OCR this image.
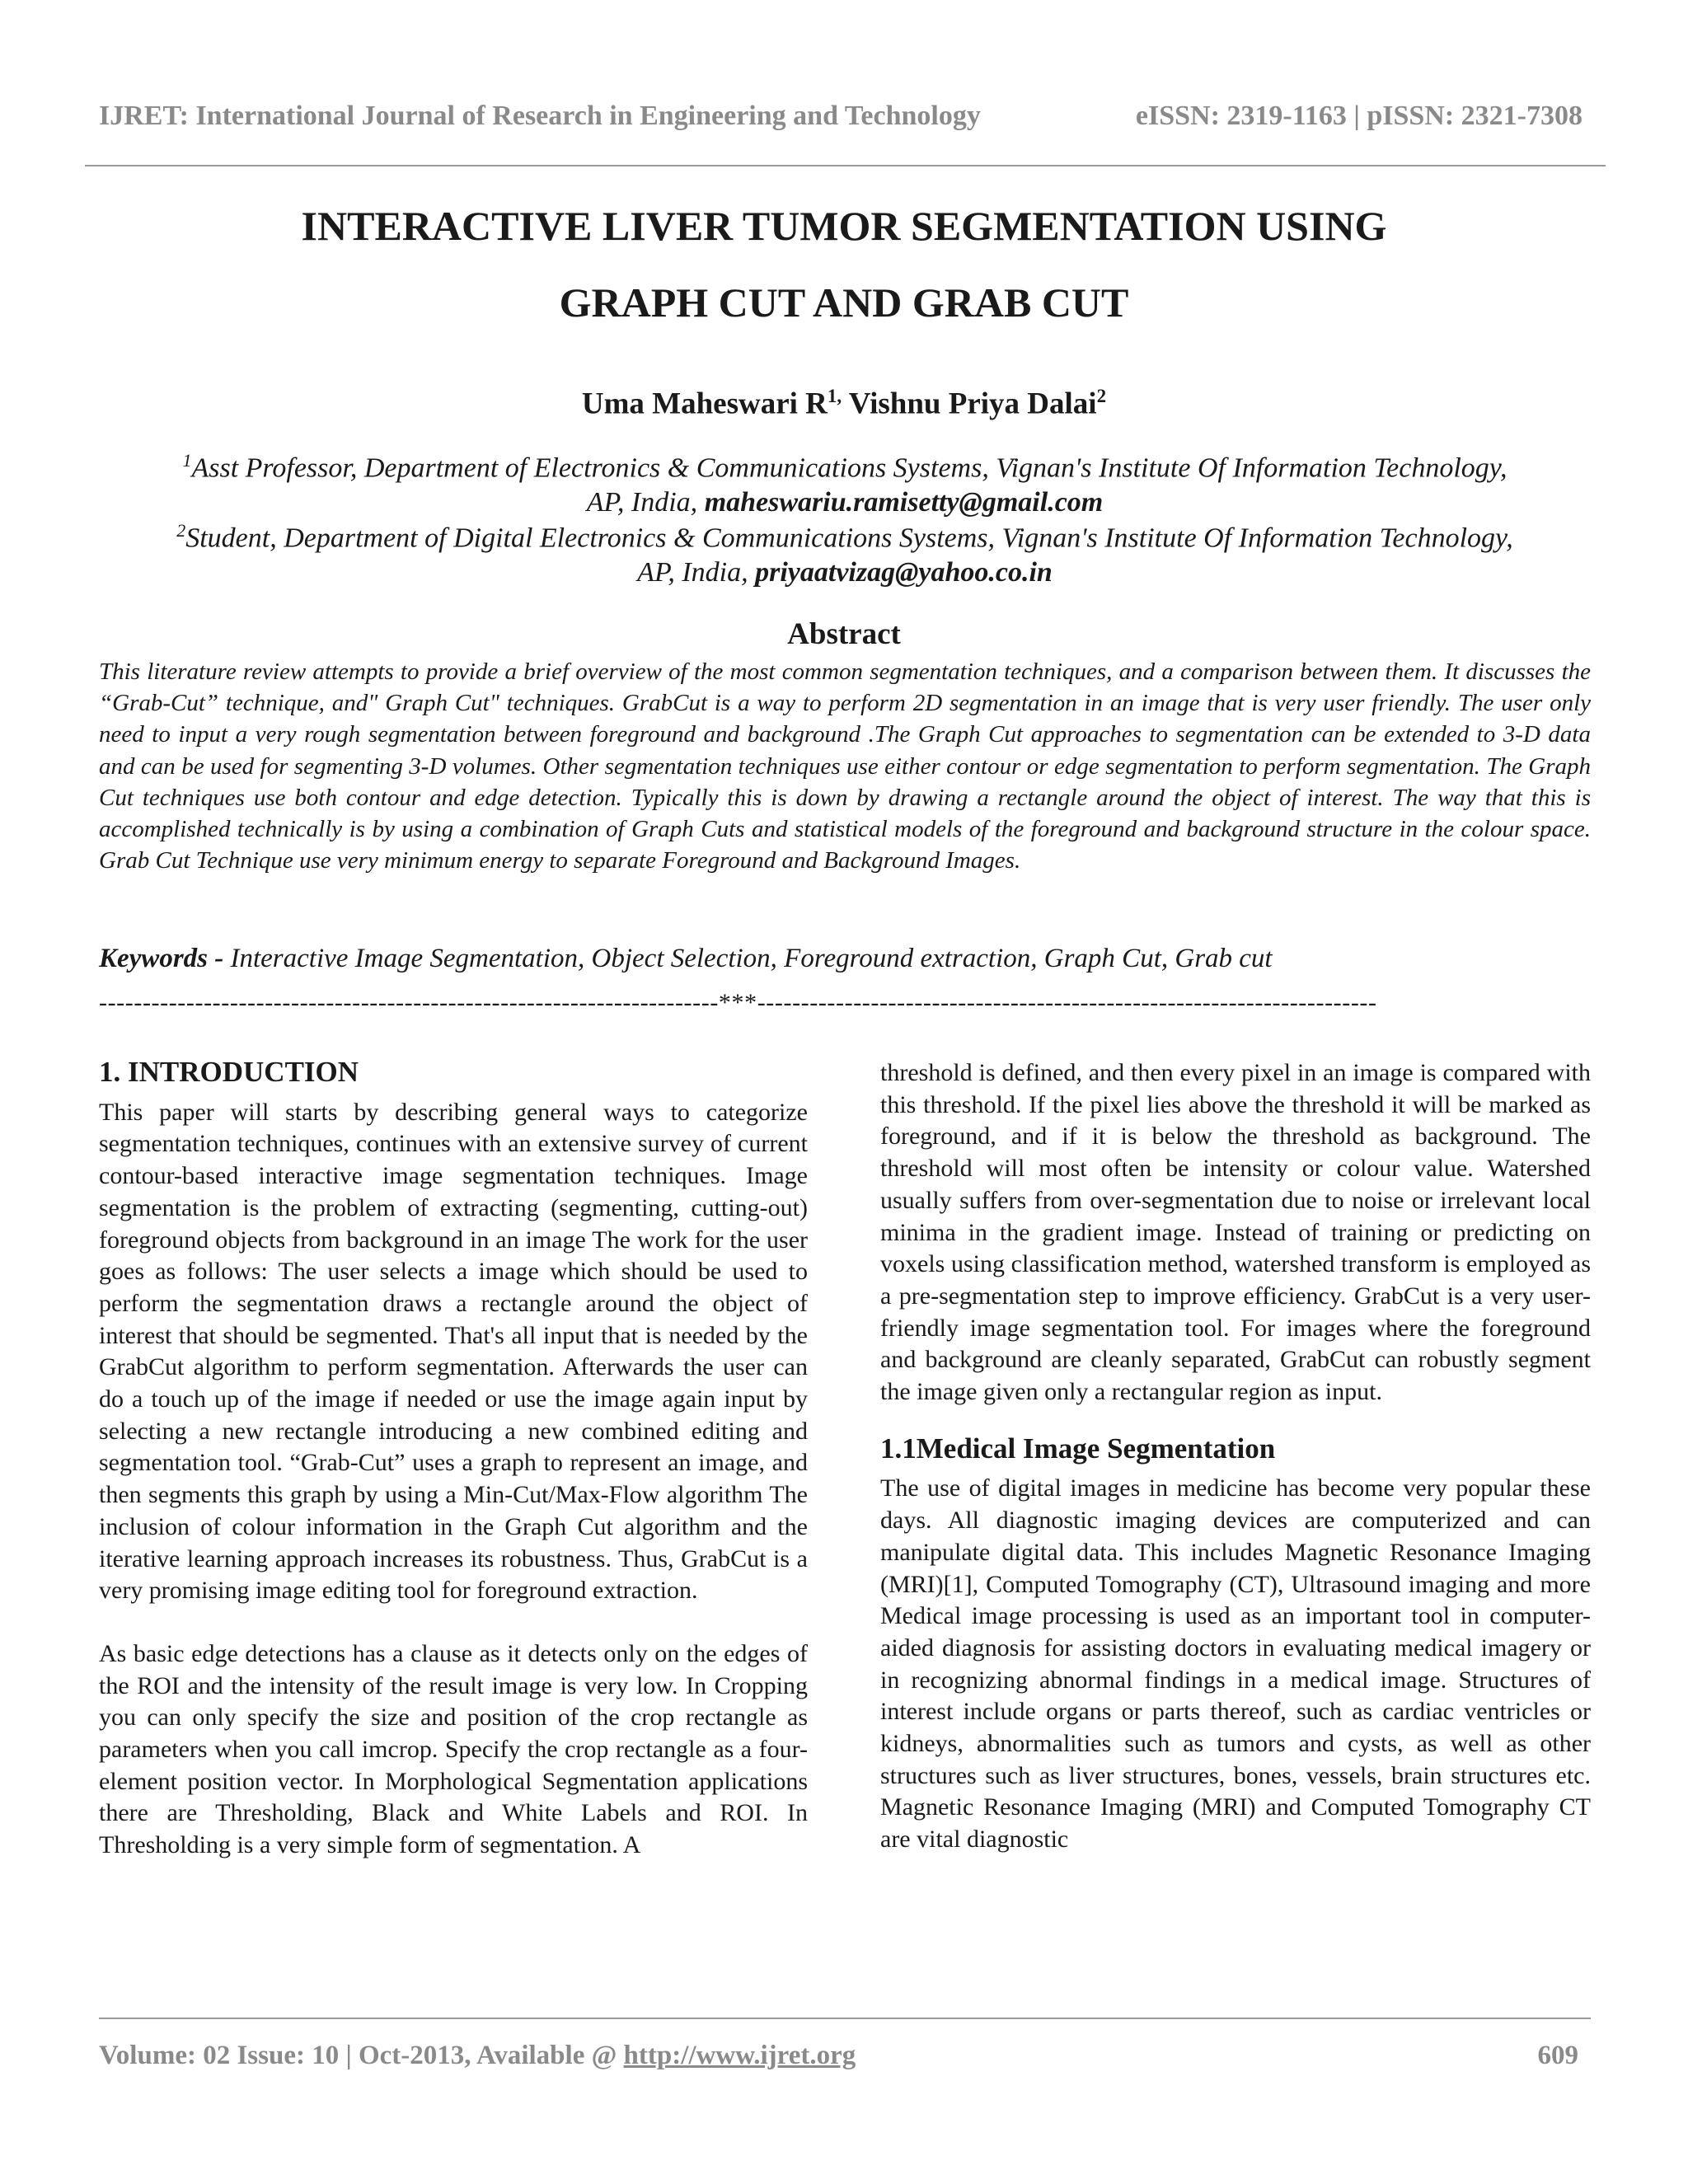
IJRET: International Journal of Research in Engineering and Technology	eISSN: 2319-1163 | pISSN: 2321-7308
INTERACTIVE LIVER TUMOR SEGMENTATION USING
GRAPH CUT AND GRAB CUT
Uma Maheswari $R^{1,}$ Vishnu Priya Dalai$^2$
$^1$Asst Professor, Department of Electronics & Communications Systems, Vignan's Institute Of Information Technology,
AP, India, maheswariu.ramisetty@gmail.com
$^2$Student, Department of Digital Electronics & Communications Systems, Vignan's Institute Of Information Technology,
AP, India, priyaatvizag@yahoo.co.in
Abstract
This literature review attempts to provide a brief overview of the most common segmentation techniques, and a comparison between them. It discusses the “Grab-Cut” technique, and" Graph Cut" techniques. GrabCut is a way to perform 2D segmentation in an image that is very user friendly. The user only need to input a very rough segmentation between foreground and background .The Graph Cut approaches to segmentation can be extended to 3-D data and can be used for segmenting 3-D volumes. Other segmentation techniques use either contour or edge segmentation to perform segmentation. The Graph Cut techniques use both contour and edge detection. Typically this is down by drawing a rectangle around the object of interest. The way that this is accomplished technically is by using a combination of Graph Cuts and statistical models of the foreground and background structure in the colour space. Grab Cut Technique use very minimum energy to separate Foreground and Background Images.
Keywords - Interactive Image Segmentation, Object Selection, Foreground extraction, Graph Cut, Grab cut
-----------------------------------------------------------------------***-----------------------------------------------------------------------
1. INTRODUCTION

This paper will starts by describing general ways to categorize segmentation techniques, continues with an extensive survey of current contour-based interactive image segmentation techniques. Image segmentation is the problem of extracting (segmenting, cutting-out) foreground objects from background in an image The work for the user goes as follows: The user selects a image which should be used to perform the segmentation draws a rectangle around the object of interest that should be segmented. That's all input that is needed by the GrabCut algorithm to perform segmentation. Afterwards the user can do a touch up of the image if needed or use the image again input by selecting a new rectangle introducing a new combined editing and segmentation tool. “Grab-Cut” uses a graph to represent an image, and then segments this graph by using a Min-Cut/Max-Flow algorithm The inclusion of colour information in the Graph Cut algorithm and the iterative learning approach increases its robustness. Thus, GrabCut is a very promising image editing tool for foreground extraction.

As basic edge detections has a clause as it detects only on the edges of the ROI and the intensity of the result image is very low. In Cropping you can only specify the size and position of the crop rectangle as parameters when you call imcrop. Specify the crop rectangle as a four-element position vector. In Morphological Segmentation applications there are Thresholding, Black and White Labels and ROI. In Thresholding is a very simple form of segmentation. A

threshold is defined, and then every pixel in an image is compared with this threshold. If the pixel lies above the threshold it will be marked as foreground, and if it is below the threshold as background. The threshold will most often be intensity or colour value. Watershed usually suffers from over-segmentation due to noise or irrelevant local minima in the gradient image. Instead of training or predicting on voxels using classification method, watershed transform is employed as a pre-segmentation step to improve efficiency. GrabCut is a very user-friendly image segmentation tool. For images where the foreground and background are cleanly separated, GrabCut can robustly segment the image given only a rectangular region as input.

1.1Medical Image Segmentation

The use of digital images in medicine has become very popular these days. All diagnostic imaging devices are computerized and can manipulate digital data. This includes Magnetic Resonance Imaging (MRI)[1], Computed Tomography (CT), Ultrasound imaging and more Medical image processing is used as an important tool in computer-aided diagnosis for assisting doctors in evaluating medical imagery or in recognizing abnormal findings in a medical image. Structures of interest include organs or parts thereof, such as cardiac ventricles or kidneys, abnormalities such as tumors and cysts, as well as other structures such as liver structures, bones, vessels, brain structures etc. Magnetic Resonance Imaging (MRI) and Computed Tomography CT are vital diagnostic

Volume: 02 Issue: 10 | Oct-2013, Available @ http://www.ijret.org	609
